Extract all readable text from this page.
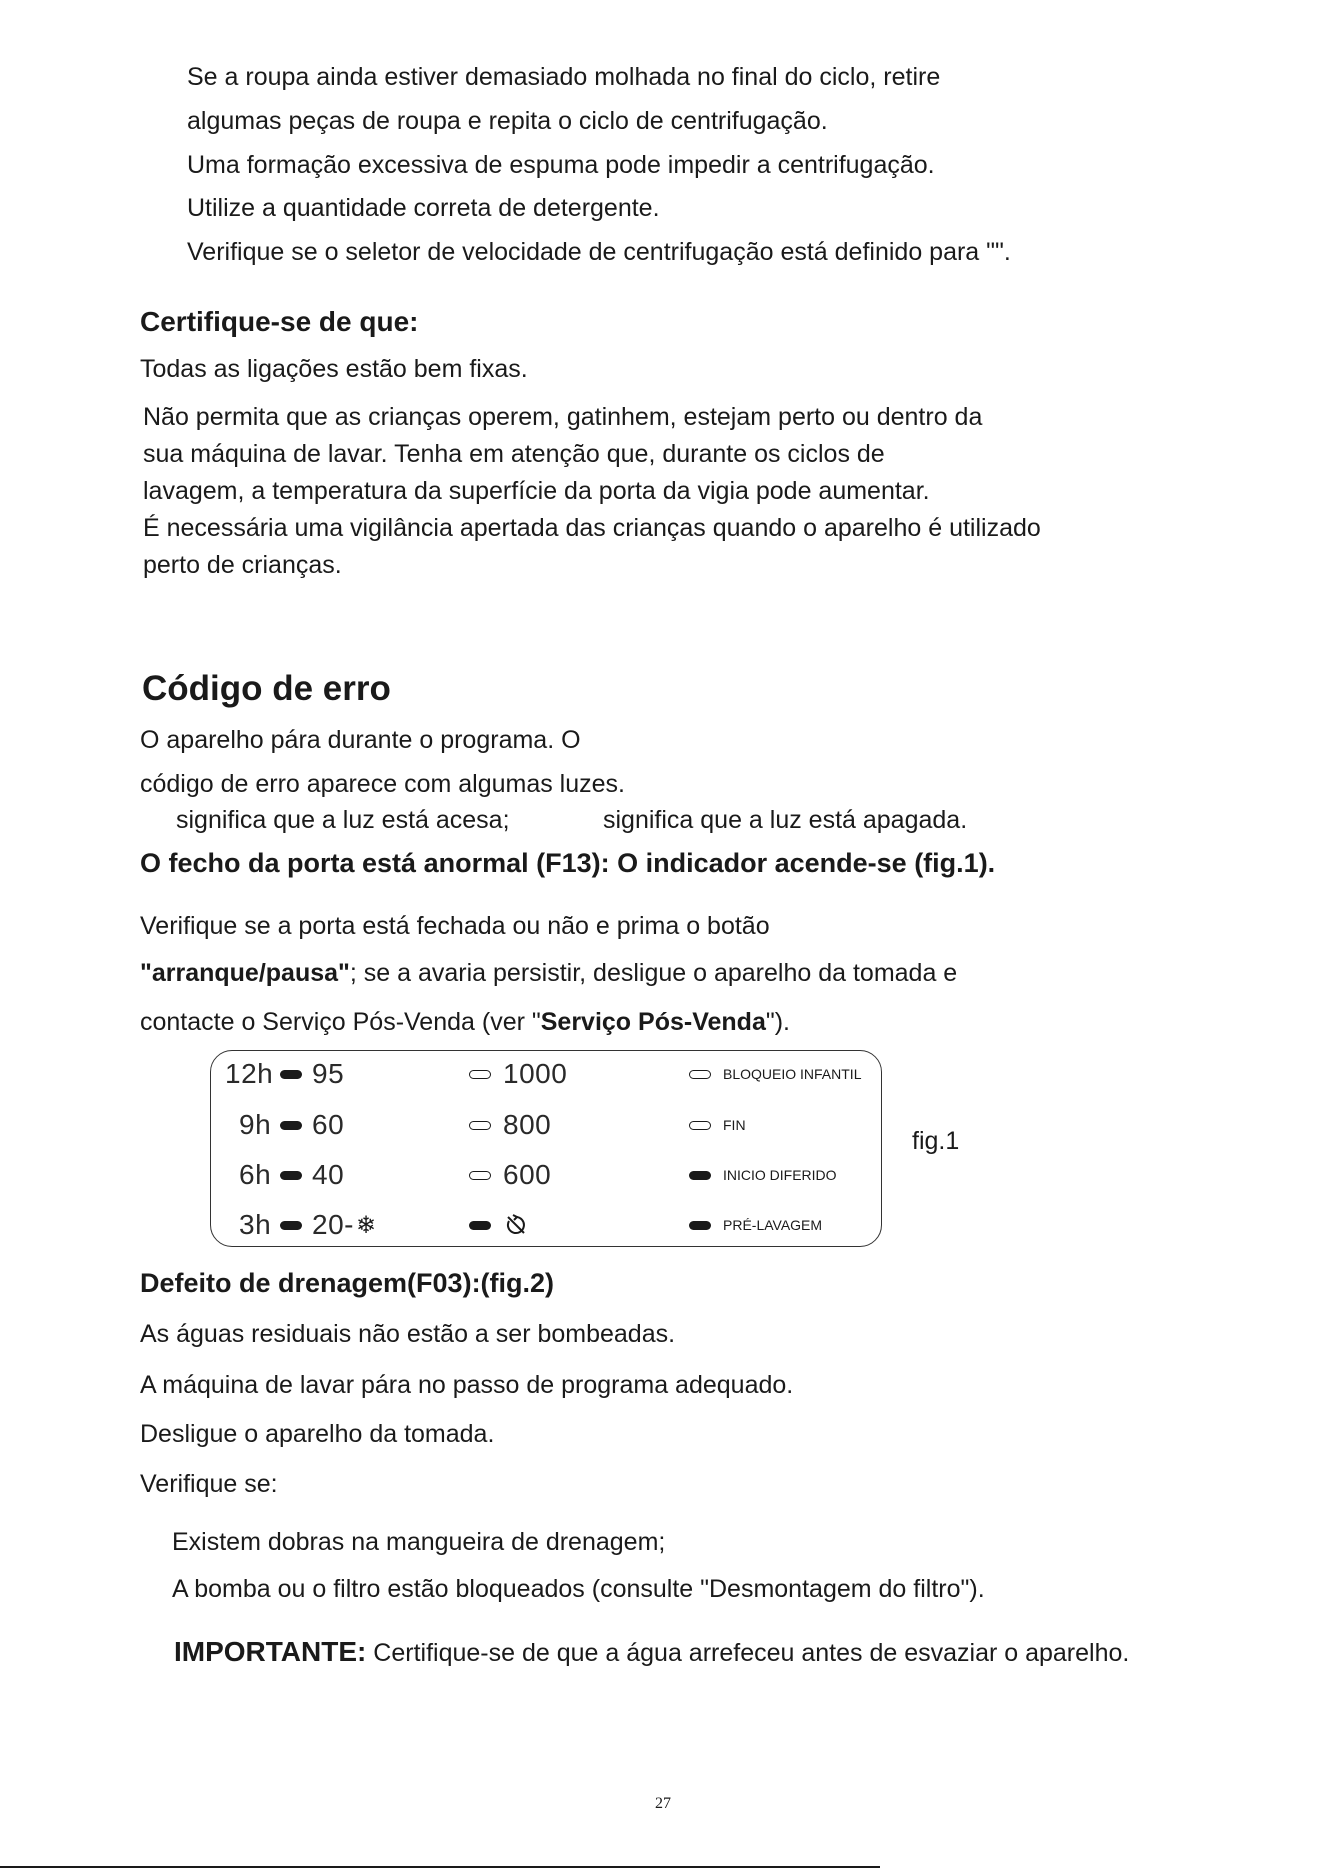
Se a roupa ainda estiver demasiado molhada no final do ciclo, retire
algumas peças de roupa e repita o ciclo de centrifugação.
Uma formação excessiva de espuma pode impedir a centrifugação.
Utilize a quantidade correta de detergente.
Verifique se o seletor de velocidade de centrifugação está definido para "".
Certifique-se de que:
Todas as ligações estão bem fixas.
Não permita que as crianças operem, gatinhem, estejam perto ou dentro da
sua máquina de lavar. Tenha em atenção que, durante os ciclos de
lavagem, a temperatura da superfície da porta da vigia pode aumentar.
É necessária uma vigilância apertada das crianças quando o aparelho é utilizado
perto de crianças.
Código de erro
O aparelho pára durante o programa. O
código de erro aparece com algumas luzes.
significa que a luz está acesa;	significa que a luz está apagada.
O fecho da porta está anormal (F13): O indicador acende-se (fig.1).
Verifique se a porta está fechada ou não e prima o botão
"arranque/pausa"; se a avaria persistir, desligue o aparelho da tomada e
contacte o Serviço Pós-Venda (ver "Serviço Pós-Venda").
12h 95
9h 60
6h 40
3h 20- ❄
1000
800
600
BLOQUEIO INFANTIL
FIN
INICIO DIFERIDO
PRÉ-LAVAGEM
fig.1
Defeito de drenagem(F03):(fig.2)
As águas residuais não estão a ser bombeadas.
A máquina de lavar pára no passo de programa adequado.
Desligue o aparelho da tomada.
Verifique se:
Existem dobras na mangueira de drenagem;
A bomba ou o filtro estão bloqueados (consulte "Desmontagem do filtro").
IMPORTANTE: Certifique-se de que a água arrefeceu antes de esvaziar o aparelho.
27
